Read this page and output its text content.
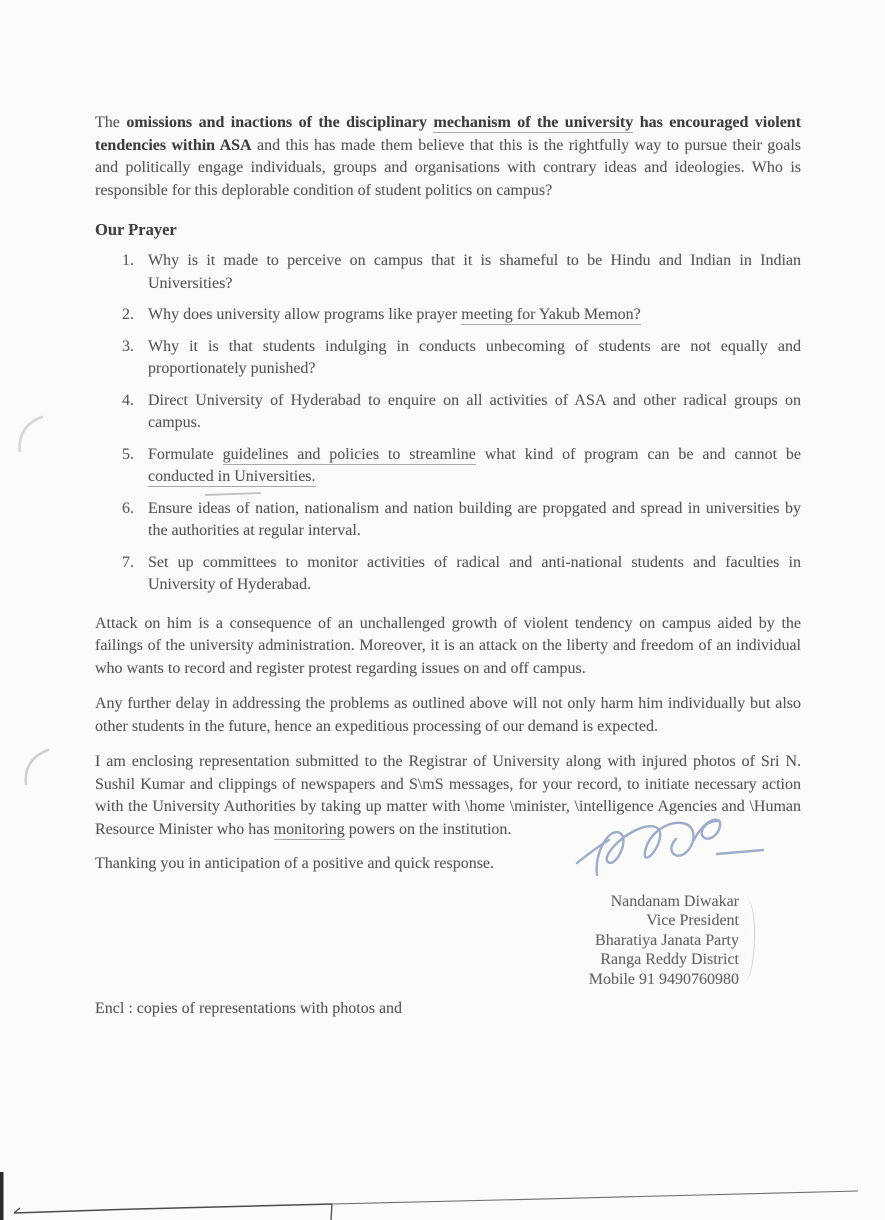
The omissions and inactions of the disciplinary mechanism of the university has encouraged violent tendencies within ASA and this has made them believe that this is the rightfully way to pursue their goals and politically engage individuals, groups and organisations with contrary ideas and ideologies. Who is responsible for this deplorable condition of student politics on campus?

Our Prayer
1. Why is it made to perceive on campus that it is shameful to be Hindu and Indian in Indian Universities?
2. Why does university allow programs like prayer meeting for Yakub Memon?
3. Why it is that students indulging in conducts unbecoming of students are not equally and proportionately punished?
4. Direct University of Hyderabad to enquire on all activities of ASA and other radical groups on campus.
5. Formulate guidelines and policies to streamline what kind of program can be and cannot be conducted in Universities.
6. Ensure ideas of nation, nationalism and nation building are propgated and spread in universities by the authorities at regular interval.
7. Set up committees to monitor activities of radical and anti-national students and faculties in University of Hyderabad.

Attack on him is a consequence of an unchallenged growth of violent tendency on campus aided by the failings of the university administration. Moreover, it is an attack on the liberty and freedom of an individual who wants to record and register protest regarding issues on and off campus.

Any further delay in addressing the problems as outlined above will not only harm him individually but also other students in the future, hence an expeditious processing of our demand is expected.

I am enclosing representation submitted to the Registrar of University along with injured photos of Sri N. Sushil Kumar and clippings of newspapers and S\mS messages, for your record, to initiate necessary action with the University Authorities by taking up matter with \home \minister, \intelligence Agencies and \Human Resource Minister who has monitoring powers on the institution.

Thanking you in anticipation of a positive and quick response.

Nandanam Diwakar
Vice President
Bharatiya Janata Party
Ranga Reddy District
Mobile 91 9490760980

Encl : copies of representations with photos and
